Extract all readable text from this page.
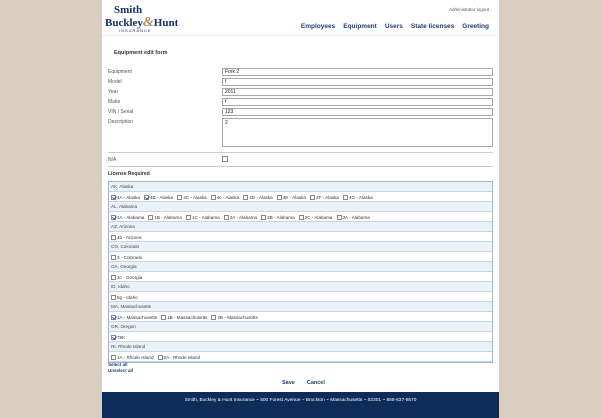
Smith
Buckley&Hunt
INSURANCE
Administrator logout
Employees Equipment Users State licenses Greeting
Equipment edit form
Equipment	Fork 2
Model	f
Year	2011
Make	f
VIN / Serial	123
Description	2
N/A
License Required
AK, Alaska
4A - Alaska 4B - Alaska 4C - Alaska 4c - Alaska 4D - Alaska 4E - Alaska 4F - Alaska 4G - Alaska
AL, Alabama
1A - Alabama 1B - Alabama 1C - Alabama 2A - Alabama 2B - Alabama 2C - Alabama 3A - Alabama
AZ, Arizona
4b - Arizona
CO, Colorado
3 - Colorado
GA, Georgia
3c - Georgia
ID, Idaho
5g - Idaho
MA, Massachusetts
1A - Massachusetts 1B - Massachusetts 2B - Massachusetts
OR, Oregon
78K
RI, Rhode Island
1A - Rhode Island 2A - Rhode Island
Select all
Unselect all
Save Cancel
Smith, Buckley & Hunt Insurance ~ 500 Forest Avenue ~ Brockton ~ Massachusetts ~ 02301 ~ 888-637-8570
